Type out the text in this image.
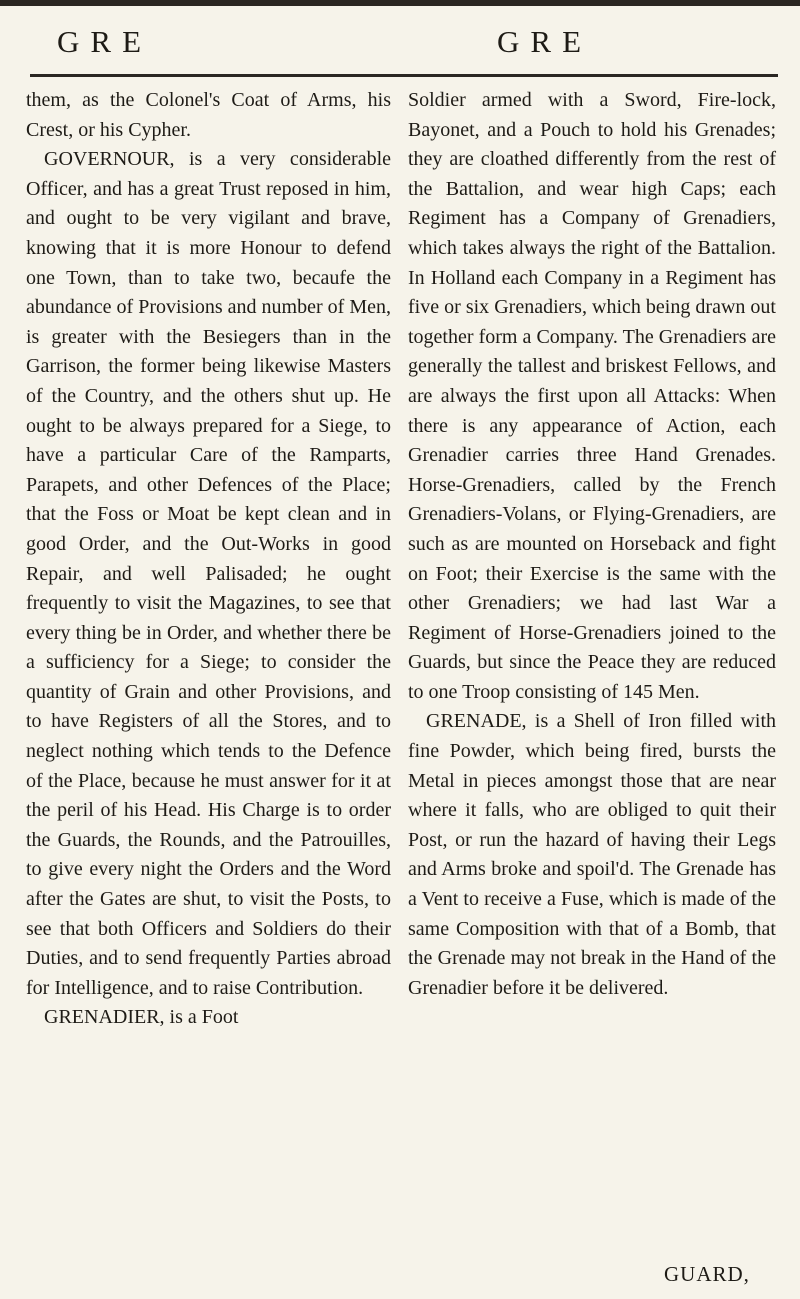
GRE	GRE

them, as the Colonel's Coat of Arms, his Crest, or his Cypher.

GOVERNOUR, is a very considerable Officer, and has a great Trust reposed in him, and ought to be very vigilant and brave, knowing that it is more Honour to defend one Town, than to take two, becaufe the abundance of Provisions and number of Men, is greater with the Besiegers than in the Garrison, the former being likewise Masters of the Country, and the others shut up. He ought to be always prepared for a Siege, to have a particular Care of the Ramparts, Parapets, and other Defences of the Place; that the Foss or Moat be kept clean and in good Order, and the Out-Works in good Repair, and well Palisaded; he ought frequently to visit the Magazines, to see that every thing be in Order, and whether there be a sufficiency for a Siege; to consider the quantity of Grain and other Provisions, and to have Registers of all the Stores, and to neglect nothing which tends to the Defence of the Place, because he must answer for it at the peril of his Head. His Charge is to order the Guards, the Rounds, and the Patrouilles, to give every night the Orders and the Word after the Gates are shut, to visit the Posts, to see that both Officers and Soldiers do their Duties, and to send frequently Parties abroad for Intelligence, and to raise Contribution.

GRENADIER, is a Foot

Soldier armed with a Sword, Fire-lock, Bayonet, and a Pouch to hold his Grenades; they are cloathed differently from the rest of the Battalion, and wear high Caps; each Regiment has a Company of Grenadiers, which takes always the right of the Battalion. In Holland each Company in a Regiment has five or six Grenadiers, which being drawn out together form a Company. The Grenadiers are generally the tallest and briskest Fellows, and are always the first upon all Attacks: When there is any appearance of Action, each Grenadier carries three Hand Grenades. Horse-Grenadiers, called by the French Grenadiers-Volans, or Flying-Grenadiers, are such as are mounted on Horseback and fight on Foot; their Exercise is the same with the other Grenadiers; we had last War a Regiment of Horse-Grenadiers joined to the Guards, but since the Peace they are reduced to one Troop consisting of 145 Men.

GRENADE, is a Shell of Iron filled with fine Powder, which being fired, bursts the Metal in pieces amongst those that are near where it falls, who are obliged to quit their Post, or run the hazard of having their Legs and Arms broke and spoil'd. The Grenade has a Vent to receive a Fuse, which is made of the same Composition with that of a Bomb, that the Grenade may not break in the Hand of the Grenadier before it be delivered.

GUARD,
